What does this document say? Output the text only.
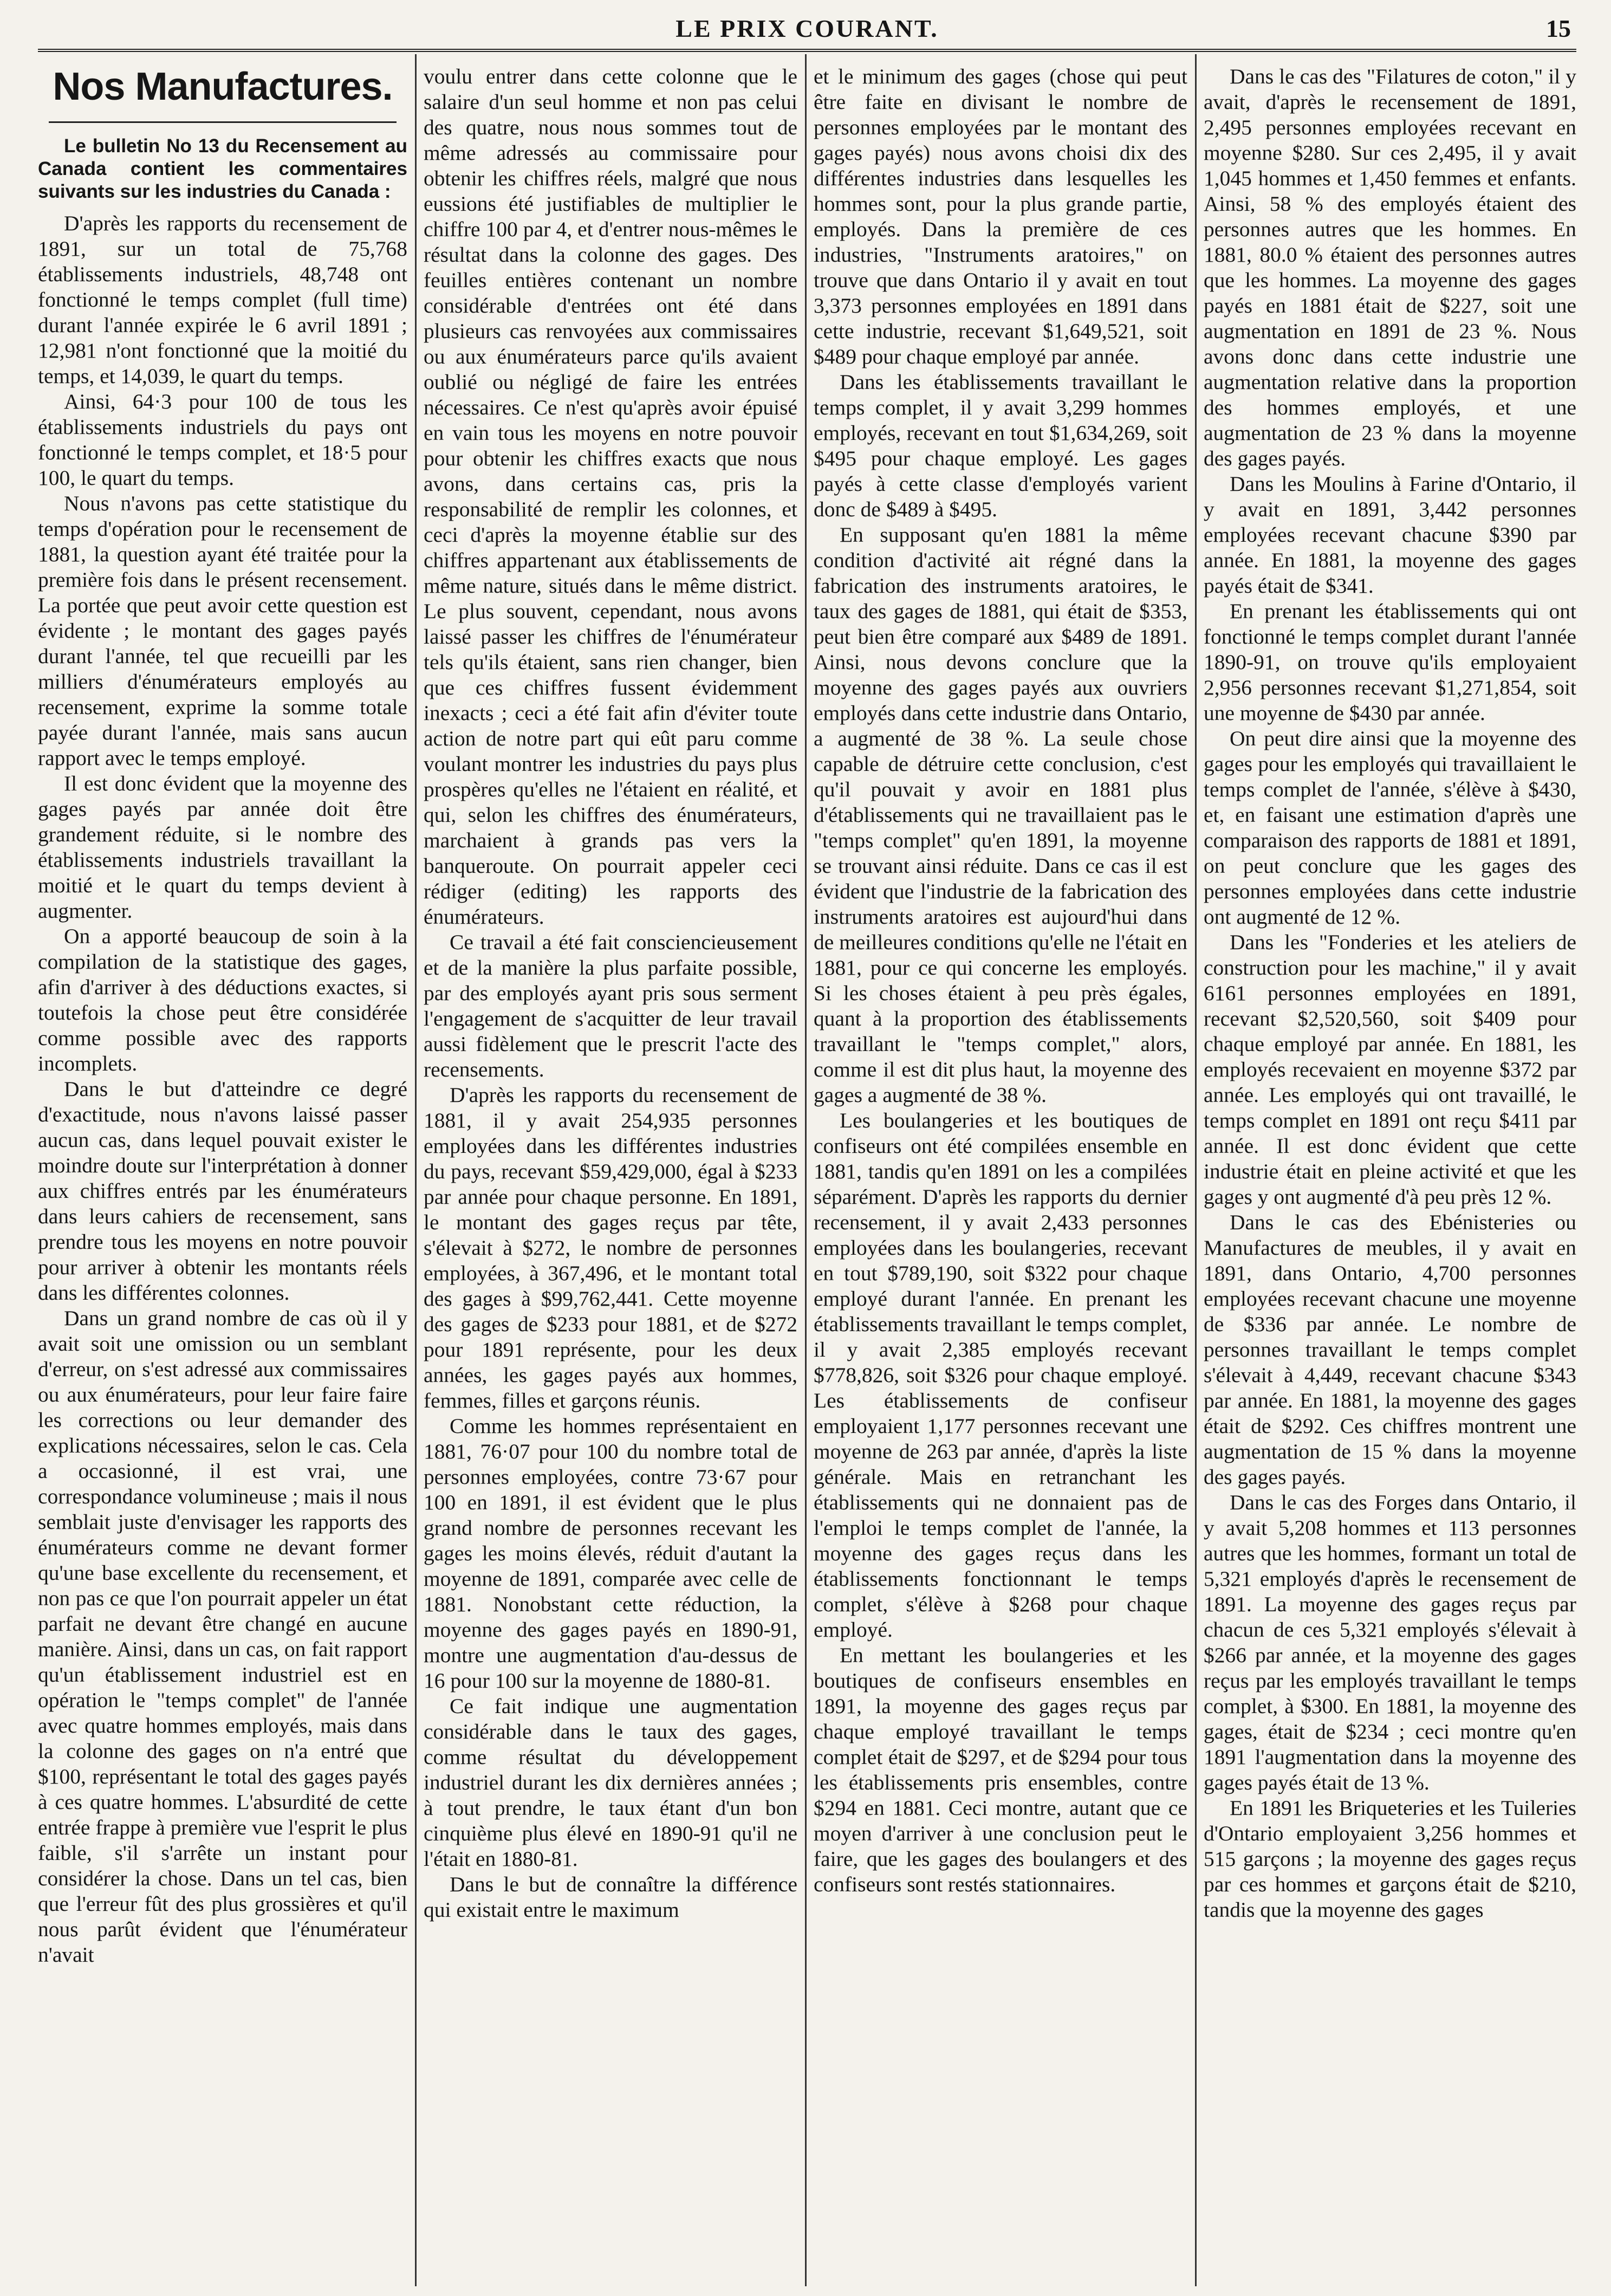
LE PRIX COURANT.	15
Nos Manufactures.

Le bulletin No 13 du Recensement au Canada contient les commentaires suivants sur les industries du Canada :

D'après les rapports du recensement de 1891, sur un total de 75,768 établissements industriels, 48,748 ont fonctionné le temps complet (full time) durant l'année expirée le 6 avril 1891 ; 12,981 n'ont fonctionné que la moitié du temps, et 14,039, le quart du temps.

Ainsi, 64·3 pour 100 de tous les établissements industriels du pays ont fonctionné le temps complet, et 18·5 pour 100, le quart du temps.

Nous n'avons pas cette statistique du temps d'opération pour le recensement de 1881, la question ayant été traitée pour la première fois dans le présent recensement. La portée que peut avoir cette question est évidente ; le montant des gages payés durant l'année, tel que recueilli par les milliers d'énumérateurs employés au recensement, exprime la somme totale payée durant l'année, mais sans aucun rapport avec le temps employé.

Il est donc évident que la moyenne des gages payés par année doit être grandement réduite, si le nombre des établissements industriels travaillant la moitié et le quart du temps devient à augmenter.

On a apporté beaucoup de soin à la compilation de la statistique des gages, afin d'arriver à des déductions exactes, si toutefois la chose peut être considérée comme possible avec des rapports incomplets.

Dans le but d'atteindre ce degré d'exactitude, nous n'avons laissé passer aucun cas, dans lequel pouvait exister le moindre doute sur l'interprétation à donner aux chiffres entrés par les énumérateurs dans leurs cahiers de recensement, sans prendre tous les moyens en notre pouvoir pour arriver à obtenir les montants réels dans les différentes colonnes.

Dans un grand nombre de cas où il y avait soit une omission ou un semblant d'erreur, on s'est adressé aux commissaires ou aux énumérateurs, pour leur faire faire les corrections ou leur demander des explications nécessaires, selon le cas. Cela a occasionné, il est vrai, une correspondance volumineuse ; mais il nous semblait juste d'envisager les rapports des énumérateurs comme ne devant former qu'une base excellente du recensement, et non pas ce que l'on pourrait appeler un état parfait ne devant être changé en aucune manière. Ainsi, dans un cas, on fait rapport qu'un établissement industriel est en opération le "temps complet" de l'année avec quatre hommes employés, mais dans la colonne des gages on n'a entré que $100, représentant le total des gages payés à ces quatre hommes. L'absurdité de cette entrée frappe à première vue l'esprit le plus faible, s'il s'arrête un instant pour considérer la chose. Dans un tel cas, bien que l'erreur fût des plus grossières et qu'il nous parût évident que l'énumérateur n'avait

voulu entrer dans cette colonne que le salaire d'un seul homme et non pas celui des quatre, nous nous sommes tout de même adressés au commissaire pour obtenir les chiffres réels, malgré que nous eussions été justifiables de multiplier le chiffre 100 par 4, et d'entrer nous-mêmes le résultat dans la colonne des gages. Des feuilles entières contenant un nombre considérable d'entrées ont été dans plusieurs cas renvoyées aux commissaires ou aux énumérateurs parce qu'ils avaient oublié ou négligé de faire les entrées nécessaires. Ce n'est qu'après avoir épuisé en vain tous les moyens en notre pouvoir pour obtenir les chiffres exacts que nous avons, dans certains cas, pris la responsabilité de remplir les colonnes, et ceci d'après la moyenne établie sur des chiffres appartenant aux établissements de même nature, situés dans le même district. Le plus souvent, cependant, nous avons laissé passer les chiffres de l'énumérateur tels qu'ils étaient, sans rien changer, bien que ces chiffres fussent évidemment inexacts ; ceci a été fait afin d'éviter toute action de notre part qui eût paru comme voulant montrer les industries du pays plus prospères qu'elles ne l'étaient en réalité, et qui, selon les chiffres des énumérateurs, marchaient à grands pas vers la banqueroute. On pourrait appeler ceci rédiger (editing) les rapports des énumérateurs.

Ce travail a été fait consciencieusement et de la manière la plus parfaite possible, par des employés ayant pris sous serment l'engagement de s'acquitter de leur travail aussi fidèlement que le prescrit l'acte des recensements.

D'après les rapports du recensement de 1881, il y avait 254,935 personnes employées dans les différentes industries du pays, recevant $59,429,000, égal à $233 par année pour chaque personne. En 1891, le montant des gages reçus par tête, s'élevait à $272, le nombre de personnes employées, à 367,496, et le montant total des gages à $99,762,441. Cette moyenne des gages de $233 pour 1881, et de $272 pour 1891 représente, pour les deux années, les gages payés aux hommes, femmes, filles et garçons réunis.

Comme les hommes représentaient en 1881, 76·07 pour 100 du nombre total de personnes employées, contre 73·67 pour 100 en 1891, il est évident que le plus grand nombre de personnes recevant les gages les moins élevés, réduit d'autant la moyenne de 1891, comparée avec celle de 1881. Nonobstant cette réduction, la moyenne des gages payés en 1890-91, montre une augmentation d'au-dessus de 16 pour 100 sur la moyenne de 1880-81.

Ce fait indique une augmentation considérable dans le taux des gages, comme résultat du développement industriel durant les dix dernières années ; à tout prendre, le taux étant d'un bon cinquième plus élevé en 1890-91 qu'il ne l'était en 1880-81.

Dans le but de connaître la différence qui existait entre le maximum

et le minimum des gages (chose qui peut être faite en divisant le nombre de personnes employées par le montant des gages payés) nous avons choisi dix des différentes industries dans lesquelles les hommes sont, pour la plus grande partie, employés. Dans la première de ces industries, "Instruments aratoires," on trouve que dans Ontario il y avait en tout 3,373 personnes employées en 1891 dans cette industrie, recevant $1,649,521, soit $489 pour chaque employé par année.

Dans les établissements travaillant le temps complet, il y avait 3,299 hommes employés, recevant en tout $1,634,269, soit $495 pour chaque employé. Les gages payés à cette classe d'employés varient donc de $489 à $495.

En supposant qu'en 1881 la même condition d'activité ait régné dans la fabrication des instruments aratoires, le taux des gages de 1881, qui était de $353, peut bien être comparé aux $489 de 1891. Ainsi, nous devons conclure que la moyenne des gages payés aux ouvriers employés dans cette industrie dans Ontario, a augmenté de 38 %. La seule chose capable de détruire cette conclusion, c'est qu'il pouvait y avoir en 1881 plus d'établissements qui ne travaillaient pas le "temps complet" qu'en 1891, la moyenne se trouvant ainsi réduite. Dans ce cas il est évident que l'industrie de la fabrication des instruments aratoires est aujourd'hui dans de meilleures conditions qu'elle ne l'était en 1881, pour ce qui concerne les employés. Si les choses étaient à peu près égales, quant à la proportion des établissements travaillant le "temps complet," alors, comme il est dit plus haut, la moyenne des gages a augmenté de 38 %.

Les boulangeries et les boutiques de confiseurs ont été compilées ensemble en 1881, tandis qu'en 1891 on les a compilées séparément. D'après les rapports du dernier recensement, il y avait 2,433 personnes employées dans les boulangeries, recevant en tout $789,190, soit $322 pour chaque employé durant l'année. En prenant les établissements travaillant le temps complet, il y avait 2,385 employés recevant $778,826, soit $326 pour chaque employé. Les établissements de confiseur employaient 1,177 personnes recevant une moyenne de 263 par année, d'après la liste générale. Mais en retranchant les établissements qui ne donnaient pas de l'emploi le temps complet de l'année, la moyenne des gages reçus dans les établissements fonctionnant le temps complet, s'élève à $268 pour chaque employé.

En mettant les boulangeries et les boutiques de confiseurs ensembles en 1891, la moyenne des gages reçus par chaque employé travaillant le temps complet était de $297, et de $294 pour tous les établissements pris ensembles, contre $294 en 1881. Ceci montre, autant que ce moyen d'arriver à une conclusion peut le faire, que les gages des boulangers et des confiseurs sont restés stationnaires.

Dans le cas des "Filatures de coton," il y avait, d'après le recensement de 1891, 2,495 personnes employées recevant en moyenne $280. Sur ces 2,495, il y avait 1,045 hommes et 1,450 femmes et enfants. Ainsi, 58 % des employés étaient des personnes autres que les hommes. En 1881, 80.0 % étaient des personnes autres que les hommes. La moyenne des gages payés en 1881 était de $227, soit une augmentation en 1891 de 23 %. Nous avons donc dans cette industrie une augmentation relative dans la proportion des hommes employés, et une augmentation de 23 % dans la moyenne des gages payés.

Dans les Moulins à Farine d'Ontario, il y avait en 1891, 3,442 personnes employées recevant chacune $390 par année. En 1881, la moyenne des gages payés était de $341.

En prenant les établissements qui ont fonctionné le temps complet durant l'année 1890-91, on trouve qu'ils employaient 2,956 personnes recevant $1,271,854, soit une moyenne de $430 par année.

On peut dire ainsi que la moyenne des gages pour les employés qui travaillaient le temps complet de l'année, s'élève à $430, et, en faisant une estimation d'après une comparaison des rapports de 1881 et 1891, on peut conclure que les gages des personnes employées dans cette industrie ont augmenté de 12 %.

Dans les "Fonderies et les ateliers de construction pour les machine," il y avait 6161 personnes employées en 1891, recevant $2,520,560, soit $409 pour chaque employé par année. En 1881, les employés recevaient en moyenne $372 par année. Les employés qui ont travaillé, le temps complet en 1891 ont reçu $411 par année. Il est donc évident que cette industrie était en pleine activité et que les gages y ont augmenté d'à peu près 12 %.

Dans le cas des Ebénisteries ou Manufactures de meubles, il y avait en 1891, dans Ontario, 4,700 personnes employées recevant chacune une moyenne de $336 par année. Le nombre de personnes travaillant le temps complet s'élevait à 4,449, recevant chacune $343 par année. En 1881, la moyenne des gages était de $292. Ces chiffres montrent une augmentation de 15 % dans la moyenne des gages payés.

Dans le cas des Forges dans Ontario, il y avait 5,208 hommes et 113 personnes autres que les hommes, formant un total de 5,321 employés d'après le recensement de 1891. La moyenne des gages reçus par chacun de ces 5,321 employés s'élevait à $266 par année, et la moyenne des gages reçus par les employés travaillant le temps complet, à $300. En 1881, la moyenne des gages, était de $234 ; ceci montre qu'en 1891 l'augmentation dans la moyenne des gages payés était de 13 %.

En 1891 les Briqueteries et les Tuileries d'Ontario employaient 3,256 hommes et 515 garçons ; la moyenne des gages reçus par ces hommes et garçons était de $210, tandis que la moyenne des gages
